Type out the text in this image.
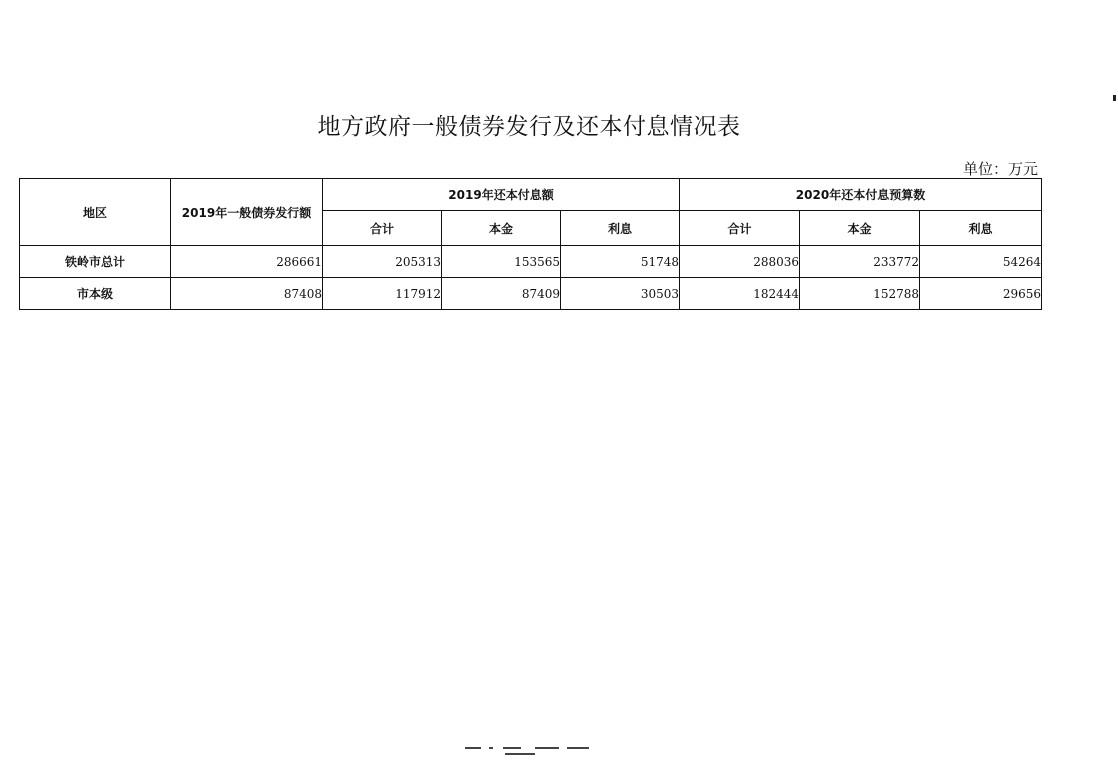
地方政府一般债券发行及还本付息情况表
单位：万元
地区	2019年一般债券发行额	2019年还本付息额			2020年还本付息预算数		
		合计	本金	利息	合计	本金	利息
铁岭市总计	286661	205313	153565	51748	288036	233772	54264
市本级	87408	117912	87409	30503	182444	152788	29656
